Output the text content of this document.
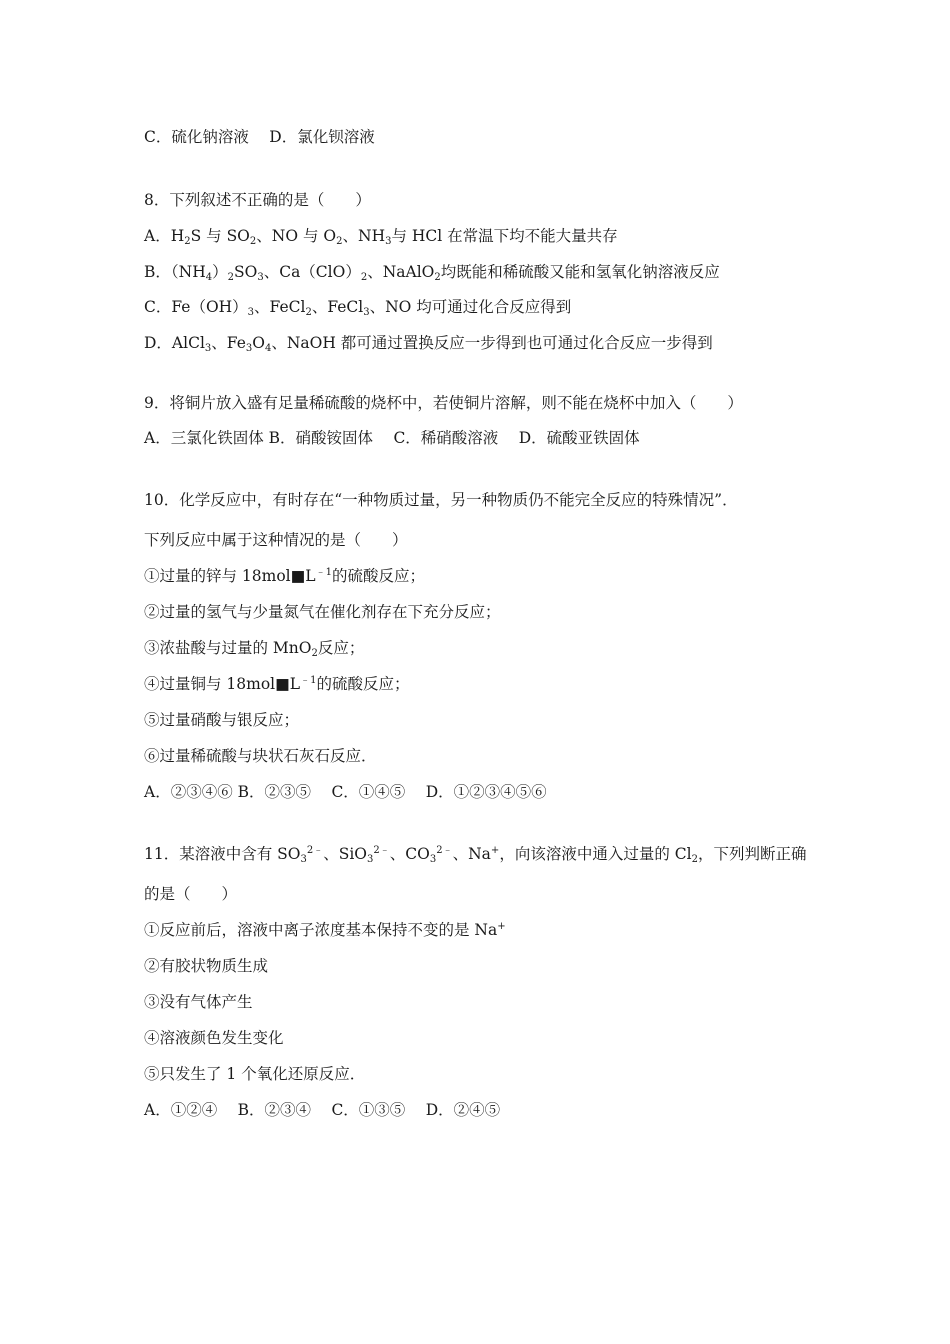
C．硫化钠溶液　 D．氯化钡溶液
8．下列叙述不正确的是（　　）
A．$H_2S$ 与 $SO_2$、NO 与 $O_2$、$NH_3$与 HCl 在常温下均不能大量共存
B．$(NH_4)_2SO_3$、$Ca(ClO)_2$、NaAlO$_2$均既能和稀硫酸又能和氢氧化钠溶液反应
C．$Fe(OH)_3$、FeCl$_2$、FeCl$_3$、NO 均可通过化合反应得到
D．AlCl$_3$、$Fe_3O_4$、NaOH 都可通过置换反应一步得到也可通过化合反应一步得到
9．将铜片放入盛有足量稀硫酸的烧杯中，若使铜片溶解，则不能在烧杯中加入（　　）
A．三氯化铁固体 B．硝酸铵固体　 C．稀硝酸溶液　 D．硫酸亚铁固体
10．化学反应中，有时存在“一种物质过量，另一种物质仍不能完全反应的特殊情况”．
下列反应中属于这种情况的是（　　）
①过量的锌与 $18mol■L^{﹣1}$的硫酸反应；
②过量的氢气与少量氮气在催化剂存在下充分反应；
③浓盐酸与过量的 MnO$_2$反应；
④过量铜与 $18mol■L^{﹣1}$的硫酸反应；
⑤过量硝酸与银反应；
⑥过量稀硫酸与块状石灰石反应．
A．②③④⑥ B．②③⑤　 C．①④⑤　 D．①②③④⑤⑥
11．某溶液中含有 $SO_3^{2﹣}$、SiO$_3^{2﹣}$、$CO_3^{2﹣}$、Na+，向该溶液中通入过量的 $Cl_2$，下列判断正确
的是（　　）
①反应前后，溶液中离子浓度基本保持不变的是 Na+
②有胶状物质生成
③没有气体产生
④溶液颜色发生变化
⑤只发生了 1 个氧化还原反应．
A．①②④　 B．②③④　 C．①③⑤　 D．②④⑤
